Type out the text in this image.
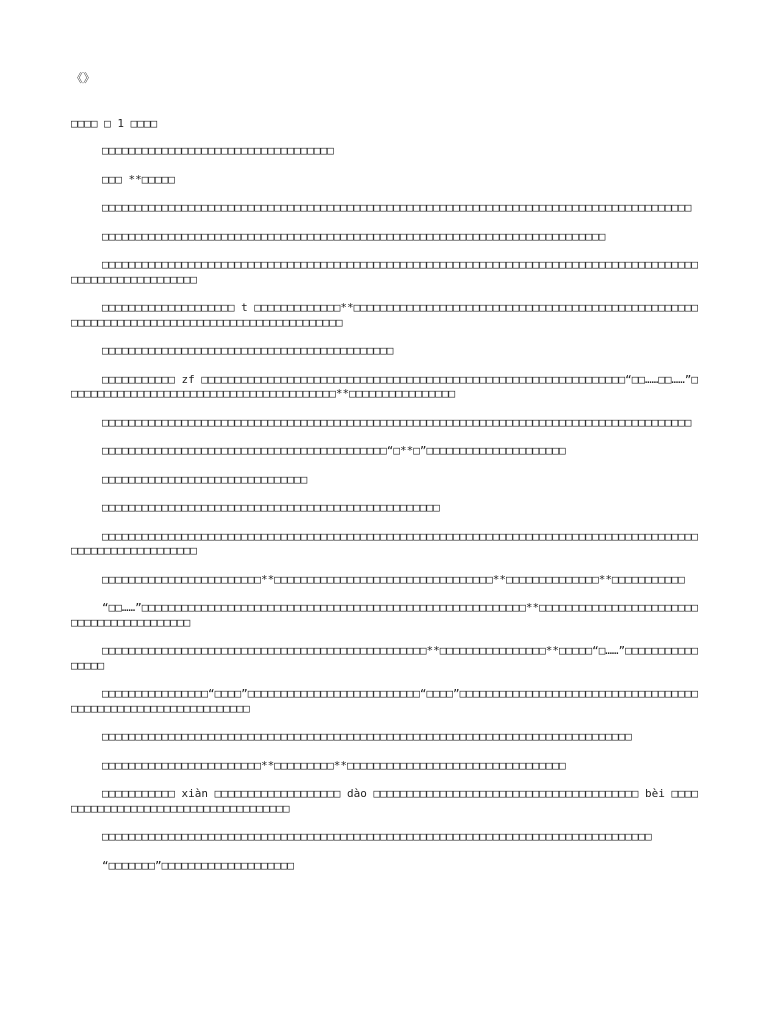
《》
□□□□ □ 1 □□□□

□□□□□□□□□□□□□□□□□□□□□□□□□□□□□□□□□□□

□□□ **□□□□□

□□□□□□□□□□□□□□□□□□□□□□□□□□□□□□□□□□□□□□□□□□□□□□□□□□□□□□□□□□□□□□□□□□□□□□□□□□□□□□□□□□□□□□□□□

□□□□□□□□□□□□□□□□□□□□□□□□□□□□□□□□□□□□□□□□□□□□□□□□□□□□□□□□□□□□□□□□□□□□□□□□□□□□

□□□□□□□□□□□□□□□□□□□□□□□□□□□□□□□□□□□□□□□□□□□□□□□□□□□□□□□□□□□□□□□□□□□□□□□□□□□□□□□□□□□□□□□□□□□□□□□□□□□□□□□□□□□□□

□□□□□□□□□□□□□□□□□□□□ t □□□□□□□□□□□□□**□□□□□□□□□□□□□□□□□□□□□□□□□□□□□□□□□□□□□□□□□□□□□□□□□□□□□□□□□□□□□□□□□□□□□□□□□□□□□□□□□□□□□□□□□□□□□

□□□□□□□□□□□□□□□□□□□□□□□□□□□□□□□□□□□□□□□□□□□□

□□□□□□□□□□□ zf □□□□□□□□□□□□□□□□□□□□□□□□□□□□□□□□□□□□□□□□□□□□□□□□□□□□□□□□□□□□□□□□“□□……□□……”□□□□□□□□□□□□□□□□□□□□□□□□□□□□□□□□□□□□□□□□□**□□□□□□□□□□□□□□□□

□□□□□□□□□□□□□□□□□□□□□□□□□□□□□□□□□□□□□□□□□□□□□□□□□□□□□□□□□□□□□□□□□□□□□□□□□□□□□□□□□□□□□□□□□

□□□□□□□□□□□□□□□□□□□□□□□□□□□□□□□□□□□□□□□□□□□“□**□”□□□□□□□□□□□□□□□□□□□□□

□□□□□□□□□□□□□□□□□□□□□□□□□□□□□□□

□□□□□□□□□□□□□□□□□□□□□□□□□□□□□□□□□□□□□□□□□□□□□□□□□□□

□□□□□□□□□□□□□□□□□□□□□□□□□□□□□□□□□□□□□□□□□□□□□□□□□□□□□□□□□□□□□□□□□□□□□□□□□□□□□□□□□□□□□□□□□□□□□□□□□□□□□□□□□□□□□

□□□□□□□□□□□□□□□□□□□□□□□□**□□□□□□□□□□□□□□□□□□□□□□□□□□□□□□□□□**□□□□□□□□□□□□□□**□□□□□□□□□□□

“□□……”□□□□□□□□□□□□□□□□□□□□□□□□□□□□□□□□□□□□□□□□□□□□□□□□□□□□□□□□□□**□□□□□□□□□□□□□□□□□□□□□□□□□□□□□□□□□□□□□□□□□□

□□□□□□□□□□□□□□□□□□□□□□□□□□□□□□□□□□□□□□□□□□□□□□□□□**□□□□□□□□□□□□□□□□**□□□□□“□……”□□□□□□□□□□□□□□□□

□□□□□□□□□□□□□□□□“□□□□”□□□□□□□□□□□□□□□□□□□□□□□□□□“□□□□”□□□□□□□□□□□□□□□□□□□□□□□□□□□□□□□□□□□□□□□□□□□□□□□□□□□□□□□□□□□□□□□

□□□□□□□□□□□□□□□□□□□□□□□□□□□□□□□□□□□□□□□□□□□□□□□□□□□□□□□□□□□□□□□□□□□□□□□□□□□□□□□□

□□□□□□□□□□□□□□□□□□□□□□□□**□□□□□□□□□**□□□□□□□□□□□□□□□□□□□□□□□□□□□□□□□□□

□□□□□□□□□□□ xiàn □□□□□□□□□□□□□□□□□□□ dào □□□□□□□□□□□□□□□□□□□□□□□□□□□□□□□□□□□□□□□□ bèi □□□□□□□□□□□□□□□□□□□□□□□□□□□□□□□□□□□□□

□□□□□□□□□□□□□□□□□□□□□□□□□□□□□□□□□□□□□□□□□□□□□□□□□□□□□□□□□□□□□□□□□□□□□□□□□□□□□□□□□□□

“□□□□□□□”□□□□□□□□□□□□□□□□□□□□
